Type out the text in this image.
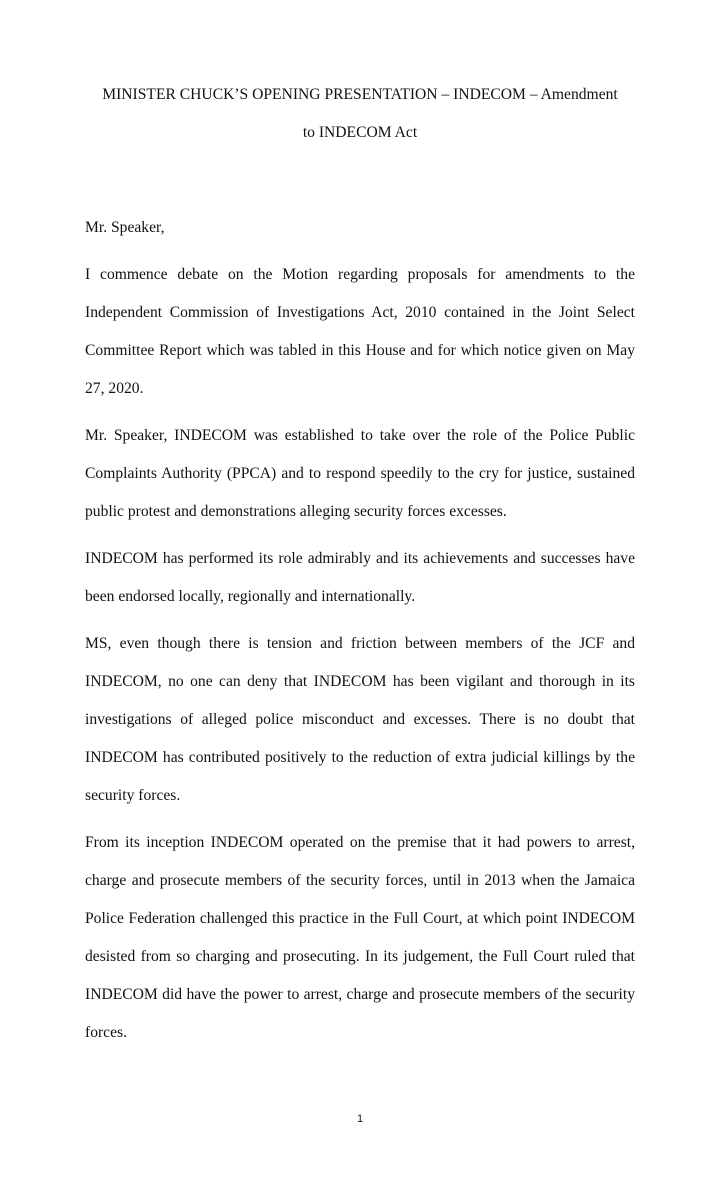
MINISTER CHUCK’S OPENING PRESENTATION – INDECOM – Amendment
to INDECOM Act

Mr. Speaker,

I commence debate on the Motion regarding proposals for amendments to the Independent Commission of Investigations Act, 2010 contained in the Joint Select Committee Report which was tabled in this House and for which notice given on May 27, 2020.

Mr. Speaker, INDECOM was established to take over the role of the Police Public Complaints Authority (PPCA) and to respond speedily to the cry for justice, sustained public protest and demonstrations alleging security forces excesses.

INDECOM has performed its role admirably and its achievements and successes have been endorsed locally, regionally and internationally.

MS, even though there is tension and friction between members of the JCF and INDECOM, no one can deny that INDECOM has been vigilant and thorough in its investigations of alleged police misconduct and excesses. There is no doubt that INDECOM has contributed positively to the reduction of extra judicial killings by the security forces.

From its inception INDECOM operated on the premise that it had powers to arrest, charge and prosecute members of the security forces, until in 2013 when the Jamaica Police Federation challenged this practice in the Full Court, at which point INDECOM desisted from so charging and prosecuting. In its judgement, the Full Court ruled that INDECOM did have the power to arrest, charge and prosecute members of the security forces.

1
